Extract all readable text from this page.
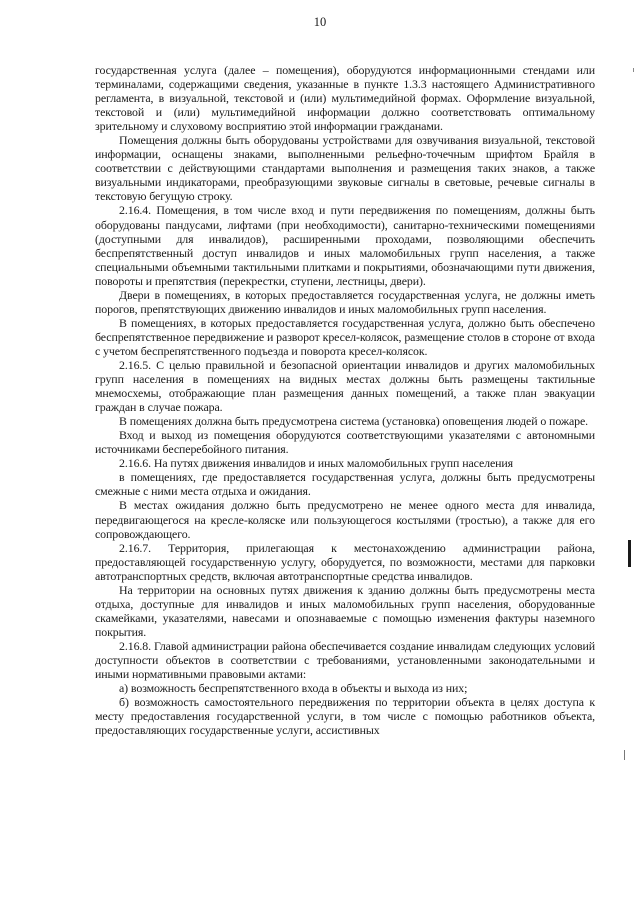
10

государственная услуга (далее – помещения), оборудуются информационными стендами или терминалами, содержащими сведения, указанные в пункте 1.3.3 настоящего Административного регламента, в визуальной, текстовой и (или) мультимедийной формах. Оформление визуальной, текстовой и (или) мультимедийной информации должно соответствовать оптимальному зрительному и слуховому восприятию этой информации гражданами.

Помещения должны быть оборудованы устройствами для озвучивания визуальной, текстовой информации, оснащены знаками, выполненными рельефно-точечным шрифтом Брайля в соответствии с действующими стандартами выполнения и размещения таких знаков, а также визуальными индикаторами, преобразующими звуковые сигналы в световые, речевые сигналы в текстовую бегущую строку.

2.16.4. Помещения, в том числе вход и пути передвижения по помещениям, должны быть оборудованы пандусами, лифтами (при необходимости), санитарно-техническими помещениями (доступными для инвалидов), расширенными проходами, позволяющими обеспечить беспрепятственный доступ инвалидов и иных маломобильных групп населения, а также специальными объемными тактильными плитками и покрытиями, обозначающими пути движения, повороты и препятствия (перекрестки, ступени, лестницы, двери).

Двери в помещениях, в которых предоставляется государственная услуга, не должны иметь порогов, препятствующих движению инвалидов и иных маломобильных групп населения.

В помещениях, в которых предоставляется государственная услуга, должно быть обеспечено беспрепятственное передвижение и разворот кресел-колясок, размещение столов в стороне от входа с учетом беспрепятственного подъезда и поворота кресел-колясок.

2.16.5. С целью правильной и безопасной ориентации инвалидов и других маломобильных групп населения в помещениях на видных местах должны быть размещены тактильные мнемосхемы, отображающие план размещения данных помещений, а также план эвакуации граждан в случае пожара.

В помещениях должна быть предусмотрена система (установка) оповещения людей о пожаре.

Вход и выход из помещения оборудуются соответствующими указателями с автономными источниками бесперебойного питания.

2.16.6. На путях движения инвалидов и иных маломобильных групп населения

в помещениях, где предоставляется государственная услуга, должны быть предусмотрены смежные с ними места отдыха и ожидания.

В местах ожидания должно быть предусмотрено не менее одного места для инвалида, передвигающегося на кресле-коляске или пользующегося костылями (тростью), а также для его сопровождающего.

2.16.7. Территория, прилегающая к местонахождению администрации района, предоставляющей государственную услугу, оборудуется, по возможности, местами для парковки автотранспортных средств, включая автотранспортные средства инвалидов.

На территории на основных путях движения к зданию должны быть предусмотрены места отдыха, доступные для инвалидов и иных маломобильных групп населения, оборудованные скамейками, указателями, навесами и опознаваемые с помощью изменения фактуры наземного покрытия.

2.16.8. Главой администрации района обеспечивается создание инвалидам следующих условий доступности объектов в соответствии с требованиями, установленными законодательными и иными нормативными правовыми актами:

а) возможность беспрепятственного входа в объекты и выхода из них;

б) возможность самостоятельного передвижения по территории объекта в целях доступа к месту предоставления государственной услуги, в том числе с помощью работников объекта, предоставляющих государственные услуги, ассистивных
